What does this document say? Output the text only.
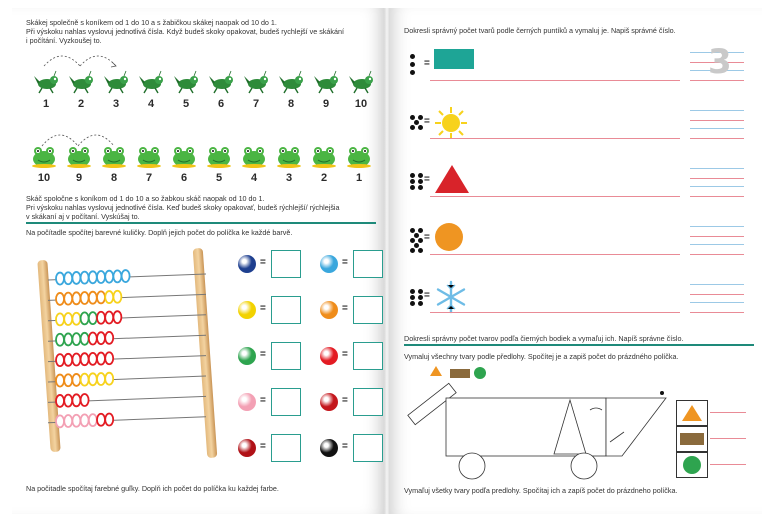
Skákej společně s koníkem od 1 do 10 a s žabičkou skákej naopak od 10 do 1.
Při výskoku nahlas vyslovuj jednotlivá čísla. Když budeš skoky opakovat, budeš rychlejší ve skákání
i počítání. Vyzkoušej to.
1	2	3	4	5	6	7	8	9	10
10	9	8	7	6	5	4	3	2	1
Skáč spoločne s koníkom od 1 do 10 a so žabkou skáč naopak od 10 do 1.
Pri výskoku nahlas vyslovuj jednotlivé čísla. Keď budeš skoky opakovať, budeš rýchlejší/ rýchlejšia
v skákaní aj v počítaní. Vyskúšaj to.
Na počítadle spočítej barevné kuličky. Doplň jejich počet do políčka ke každé barvě.
=	=
=	=
=	=
=	=
=	=
Na počitadle spočítaj farebné guľky. Doplň ich počet do políčka ku každej farbe.
Dokresli správný počet tvarů podle černých puntíků a vymaluj je. Napiš správné číslo.
=
=
=
=
=
3
Dokresli správny počet tvarov podľa čierných bodiek a vymaľuj ich. Napíš správne číslo.
Vymaluj všechny tvary podle předlohy. Spočítej je a zapiš počet do prázdného políčka.
Vymaľuj všetky tvary podľa predlohy. Spočítaj ich a zapíš počet do prázdneho políčka.
